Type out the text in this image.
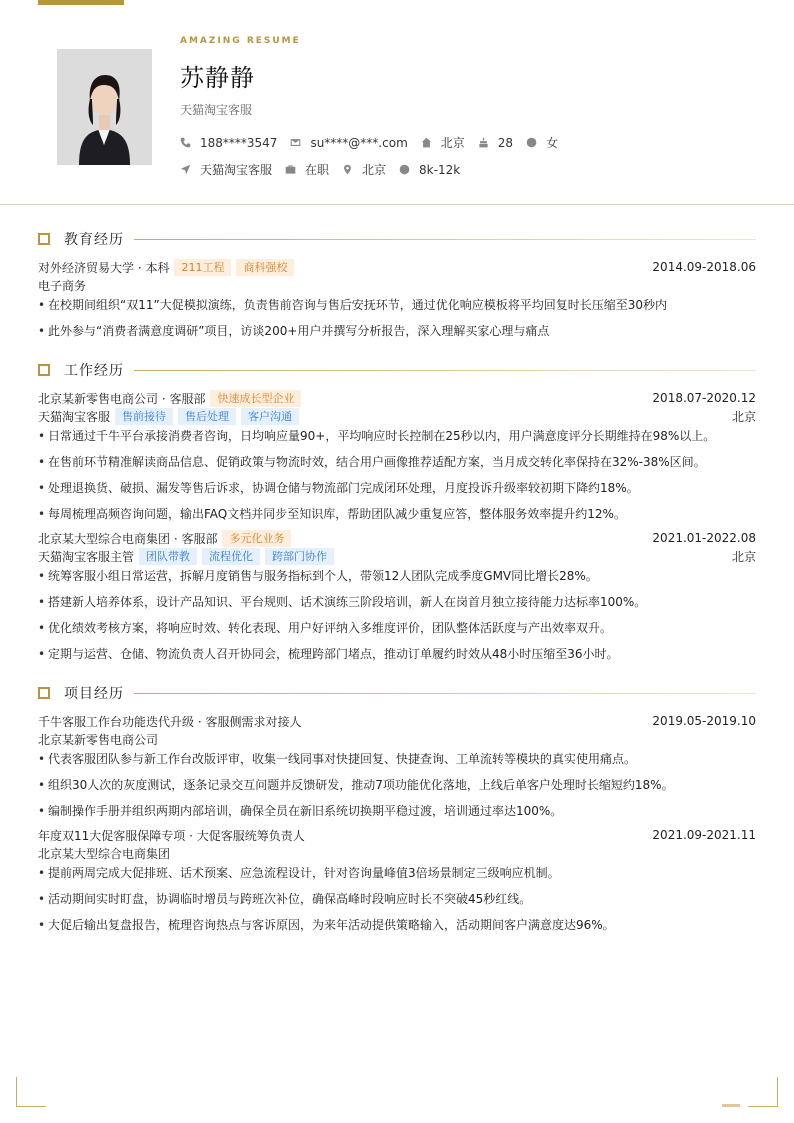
AMAZING RESUME
苏静静
天猫淘宝客服
188****3547	su****@***.com	北京	28	女
天猫淘宝客服	在职	北京	8k-12k
教育经历
对外经济贸易大学 · 本科	211工程	商科强校	2014.09-2018.06
电子商务
• 在校期间组织“双11”大促模拟演练，负责售前咨询与售后安抚环节，通过优化响应模板将平均回复时长压缩至30秒内
• 此外参与“消费者满意度调研”项目，访谈200+用户并撰写分析报告，深入理解买家心理与痛点
工作经历
北京某新零售电商公司 · 客服部	快速成长型企业	2018.07-2020.12
天猫淘宝客服	售前接待	售后处理	客户沟通	北京
• 日常通过千牛平台承接消费者咨询，日均响应量90+，平均响应时长控制在25秒以内，用户满意度评分长期维持在98%以上。
• 在售前环节精准解读商品信息、促销政策与物流时效，结合用户画像推荐适配方案，当月成交转化率保持在32%-38%区间。
• 处理退换货、破损、漏发等售后诉求，协调仓储与物流部门完成闭环处理，月度投诉升级率较初期下降约18%。
• 每周梳理高频咨询问题，输出FAQ文档并同步至知识库，帮助团队减少重复应答，整体服务效率提升约12%。
北京某大型综合电商集团 · 客服部	多元化业务	2021.01-2022.08
天猫淘宝客服主管	团队带教	流程优化	跨部门协作	北京
• 统筹客服小组日常运营，拆解月度销售与服务指标到个人，带领12人团队完成季度GMV同比增长28%。
• 搭建新人培养体系，设计产品知识、平台规则、话术演练三阶段培训，新人在岗首月独立接待能力达标率100%。
• 优化绩效考核方案，将响应时效、转化表现、用户好评纳入多维度评价，团队整体活跃度与产出效率双升。
• 定期与运营、仓储、物流负责人召开协同会，梳理跨部门堵点，推动订单履约时效从48小时压缩至36小时。
项目经历
千牛客服工作台功能迭代升级 · 客服侧需求对接人	2019.05-2019.10
北京某新零售电商公司
• 代表客服团队参与新工作台改版评审，收集一线同事对快捷回复、快捷查询、工单流转等模块的真实使用痛点。
• 组织30人次的灰度测试，逐条记录交互问题并反馈研发，推动7项功能优化落地，上线后单客户处理时长缩短约18%。
• 编制操作手册并组织两期内部培训，确保全员在新旧系统切换期平稳过渡，培训通过率达100%。
年度双11大促客服保障专项 · 大促客服统筹负责人	2021.09-2021.11
北京某大型综合电商集团
• 提前两周完成大促排班、话术预案、应急流程设计，针对咨询量峰值3倍场景制定三级响应机制。
• 活动期间实时盯盘，协调临时增员与跨班次补位，确保高峰时段响应时长不突破45秒红线。
• 大促后输出复盘报告，梳理咨询热点与客诉原因，为来年活动提供策略输入，活动期间客户满意度达96%。
